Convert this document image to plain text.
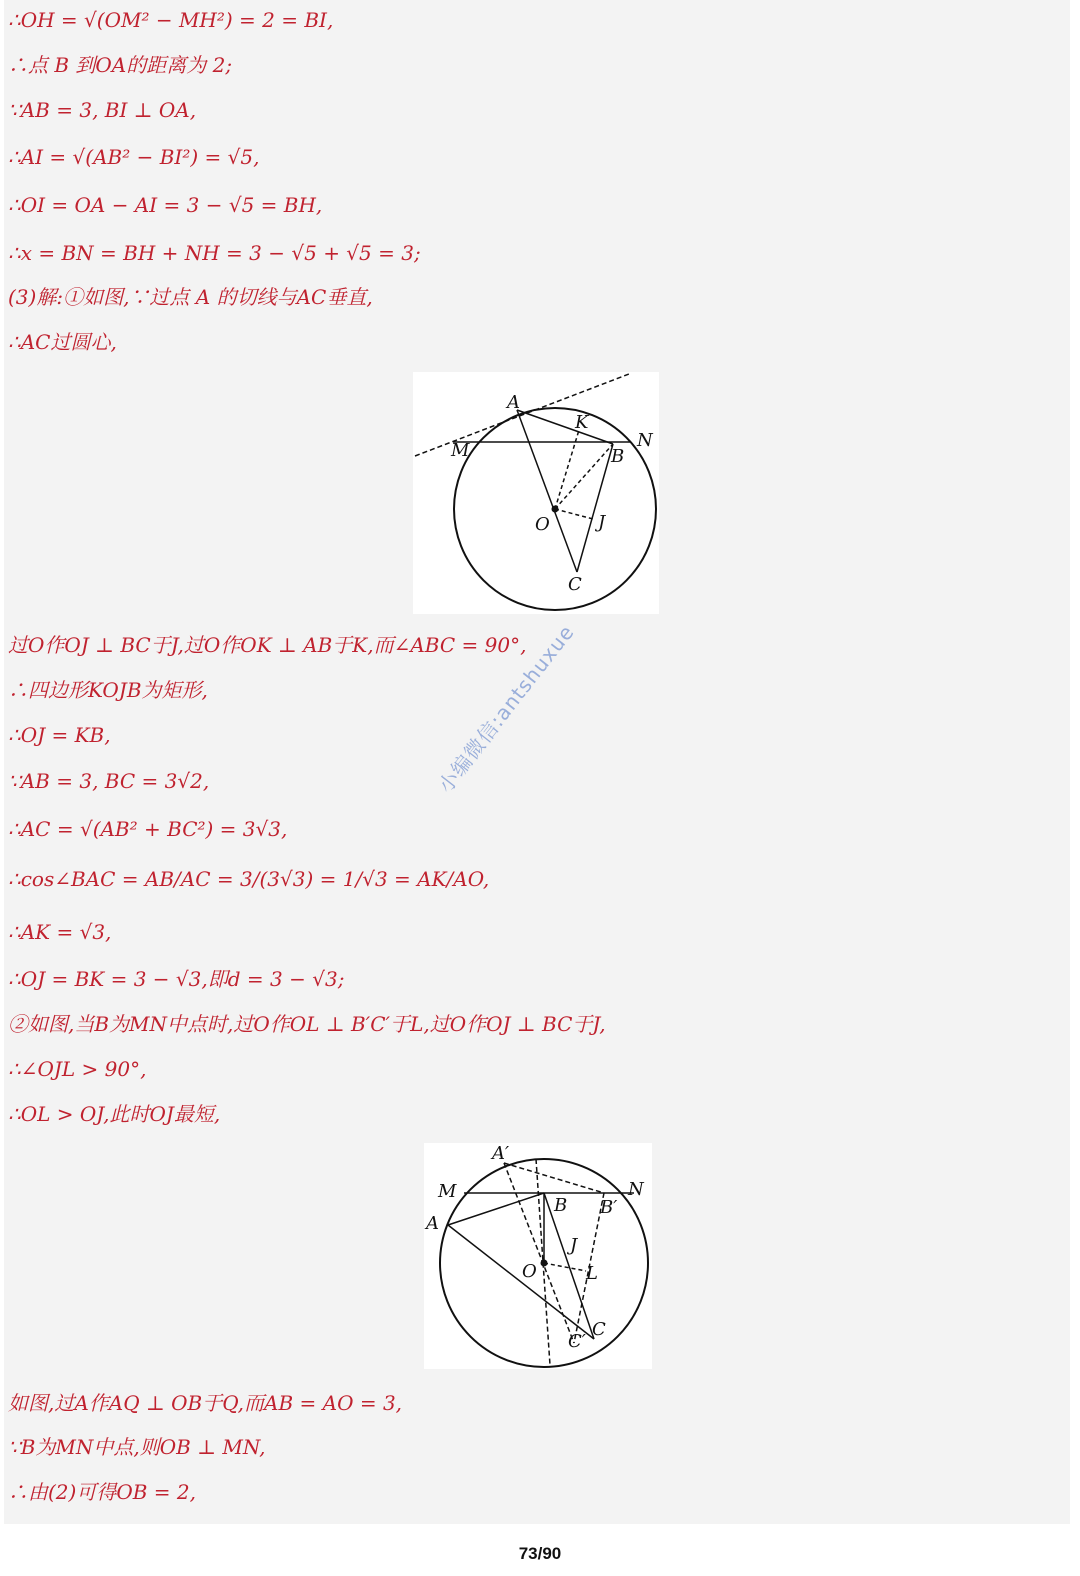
∴OH = √(OM² − MH²) = 2 = BI,
∴点 B 到OA的距离为 2;
∵AB = 3, BI ⊥ OA,
∴AI = √(AB² − BI²) = √5,
∴OI = OA − AI = 3 − √5 = BH,
∴x = BN = BH + NH = 3 − √5 + √5 = 3;
(3)解:①如图,∵过点 A 的切线与AC垂直,
∴AC过圆心,
A
K
N
M	B
O	J
C
过O作OJ ⊥ BC于J,过O作OK ⊥ AB于K,而∠ABC = 90°,
∴四边形KOJB为矩形,
∴OJ = KB,
∵AB = 3, BC = 3√2,
∴AC = √(AB² + BC²) = 3√3,
∴cos∠BAC = AB/AC = 3/(3√3) = 1/√3 = AK/AO,
∴AK = √3,
∴OJ = BK = 3 − √3,即d = 3 − √3;
②如图,当B为MN中点时,过O作OL ⊥ B′C′于L,过O作OJ ⊥ BC于J,
∴∠OJL > 90°,
∴OL > OJ,此时OJ最短,
A′
M	N
B B′
A
J
O	L
C′
C
如图,过A作AQ ⊥ OB于Q,而AB = AO = 3,
∵B为MN中点,则OB ⊥ MN,
∴由(2)可得OB = 2,
小编微信:antshuxue
73/90
